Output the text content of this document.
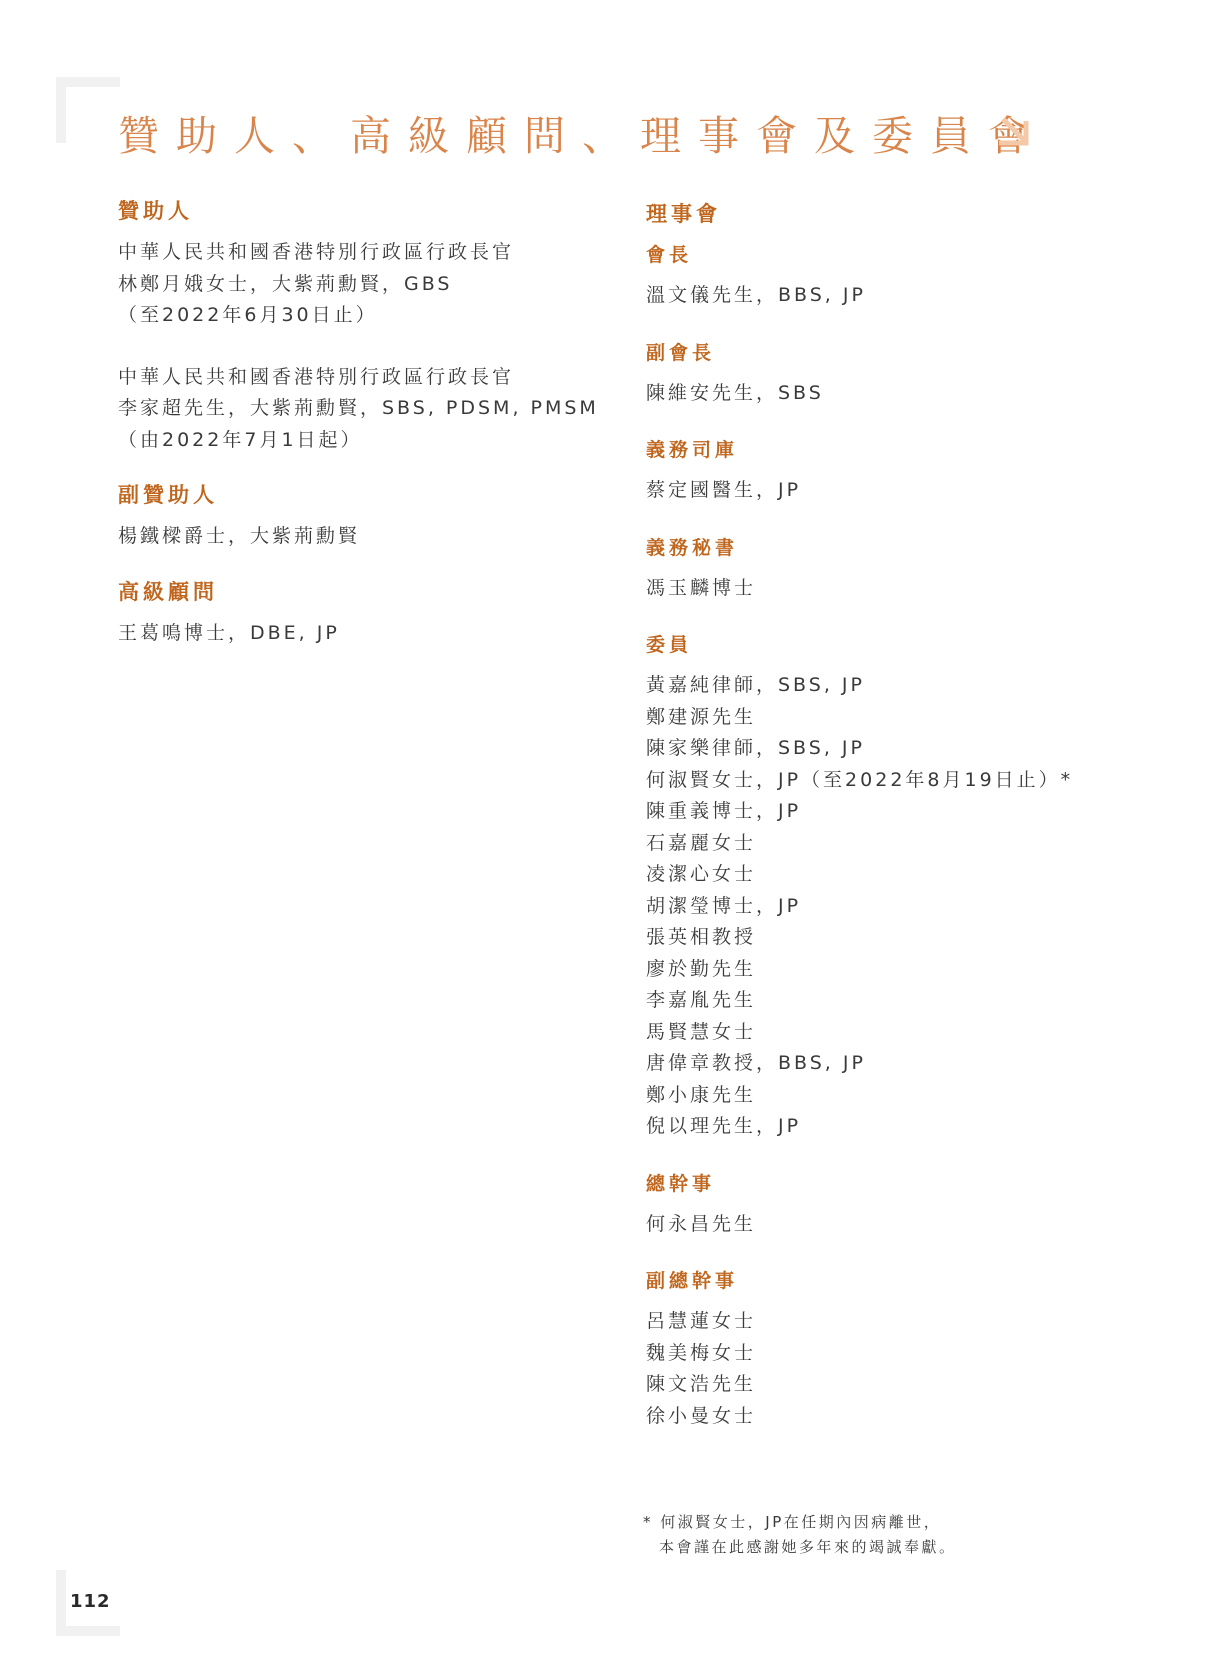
贊助人、高級顧問、理事會及委員會
贊助人
中華人民共和國香港特別行政區行政長官
林鄭月娥女士，大紫荊勳賢，GBS
（至2022年6月30日止）
中華人民共和國香港特別行政區行政長官
李家超先生，大紫荊勳賢，SBS, PDSM, PMSM
（由2022年7月1日起）
副贊助人
楊鐵樑爵士，大紫荊勳賢
高級顧問
王葛鳴博士，DBE, JP
理事會
會長
溫文儀先生，BBS, JP
副會長
陳維安先生，SBS
義務司庫
蔡定國醫生，JP
義務秘書
馮玉麟博士
委員
黃嘉純律師，SBS, JP
鄭建源先生
陳家樂律師，SBS, JP
何淑賢女士，JP（至2022年8月19日止）*
陳重義博士，JP
石嘉麗女士
凌潔心女士
胡潔瑩博士，JP
張英相教授
廖於勤先生
李嘉胤先生
馬賢慧女士
唐偉章教授，BBS, JP
鄭小康先生
倪以理先生，JP
總幹事
何永昌先生
副總幹事
呂慧蓮女士
魏美梅女士
陳文浩先生
徐小曼女士
* 何淑賢女士，JP在任期內因病離世，
本會謹在此感謝她多年來的竭誠奉獻。
112
